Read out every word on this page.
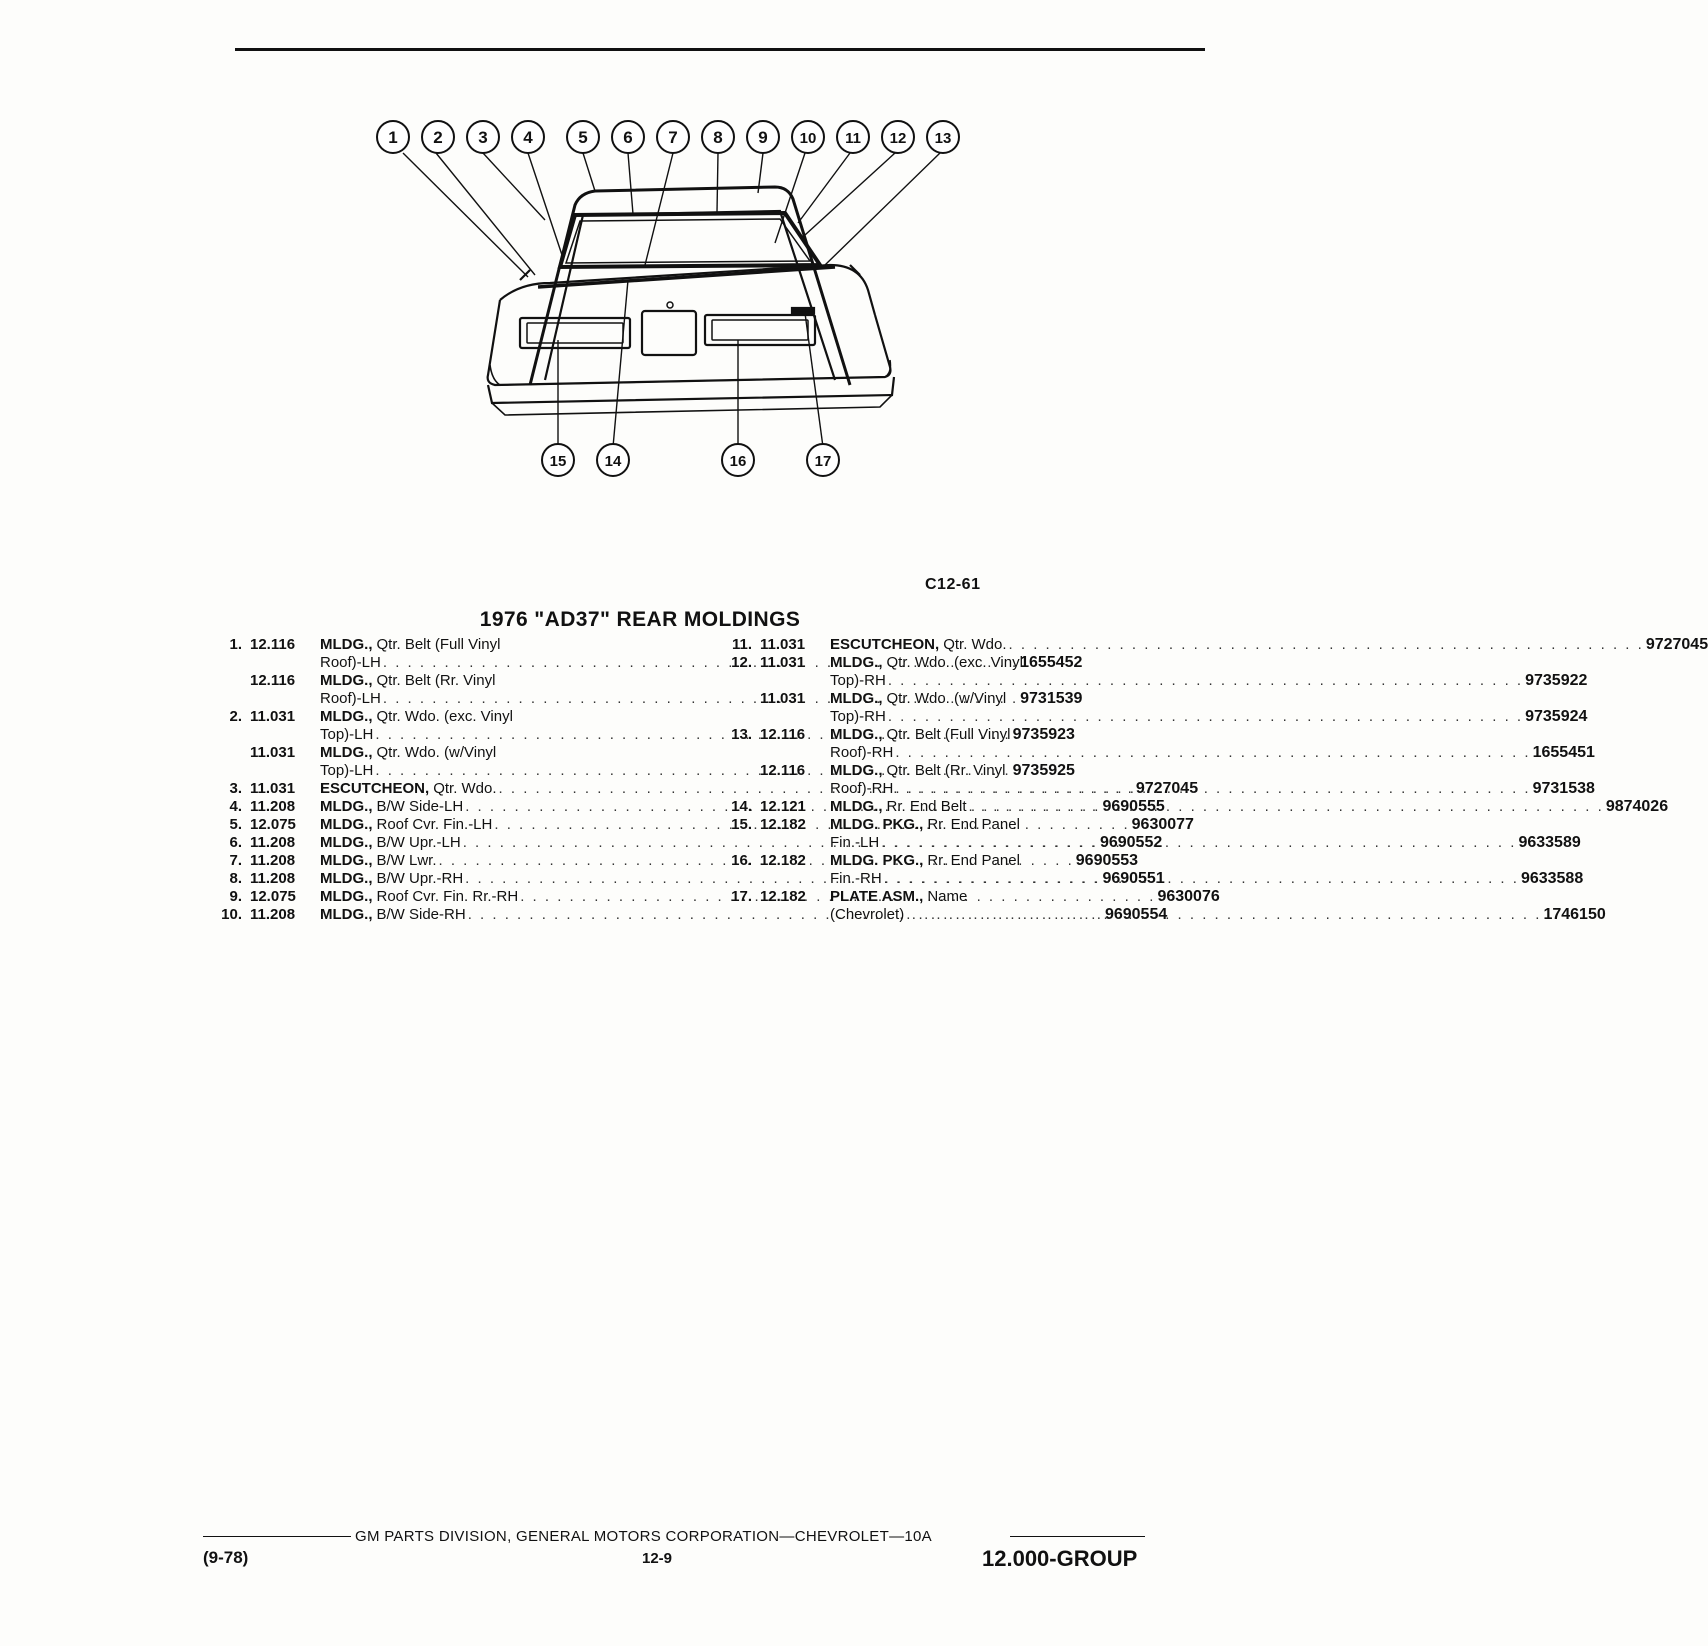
1 2 3 4	5 6 7 8 9 10 11 12 13
15	14	16	17
C12-61
1976 "AD37" REAR MOLDINGS
1. 12.116	MLDG., Qtr. Belt (Full Vinyl
Roof)-LH . . .	1655452
12.116	MLDG., Qtr. Belt (Rr. Vinyl
Roof)-LH . . .	9731539
2. 11.031	MLDG., Qtr. Wdo. (exc. Vinyl
Top)-LH . . .	9735923
11.031	MLDG., Qtr. Wdo. (w/Vinyl
Top)-LH . . .	9735925
3. 11.031	ESCUTCHEON, Qtr. Wdo. . . .	9727045
4. 11.208	MLDG., B/W Side-LH . . .	9690555
5. 12.075	MLDG., Roof Cvr. Fin.-LH . . .	9630077
6. 11.208	MLDG., B/W Upr.-LH . . .	9690552
7. 11.208	MLDG., B/W Lwr. . . .	9690553
8. 11.208	MLDG., B/W Upr.-RH . . .	9690551
9. 12.075	MLDG., Roof Cvr. Fin. Rr.-RH . . .	9630076
10. 11.208	MLDG., B/W Side-RH . . .	9690554
11. 11.031	ESCUTCHEON, Qtr. Wdo. . . .	9727045
12. 11.031	MLDG., Qtr. Wdo. (exc. Vinyl
Top)-RH . . .	9735922
11.031	MLDG., Qtr. Wdo. (w/Vinyl
Top)-RH . . .	9735924
13. 12.116	MLDG., Qtr. Belt (Full Vinyl
Roof)-RH . . .	1655451
12.116	MLDG., Qtr. Belt (Rr. Vinyl
Roof)-RH . . .	9731538
14. 12.121	MLDG., Rr. End Belt . . .	9874026
15. 12.182	MLDG. PKG., Rr. End Panel
Fin.-LH . . .	9633589
16. 12.182	MLDG. PKG., Rr. End Panel
Fin.-RH . . .	9633588
17. 12.182	PLATE ASM., Name
(Chevrolet) . . .	1746150
GM PARTS DIVISION, GENERAL MOTORS CORPORATION—CHEVROLET—10A
(9-78)	12-9	12.000-GROUP
